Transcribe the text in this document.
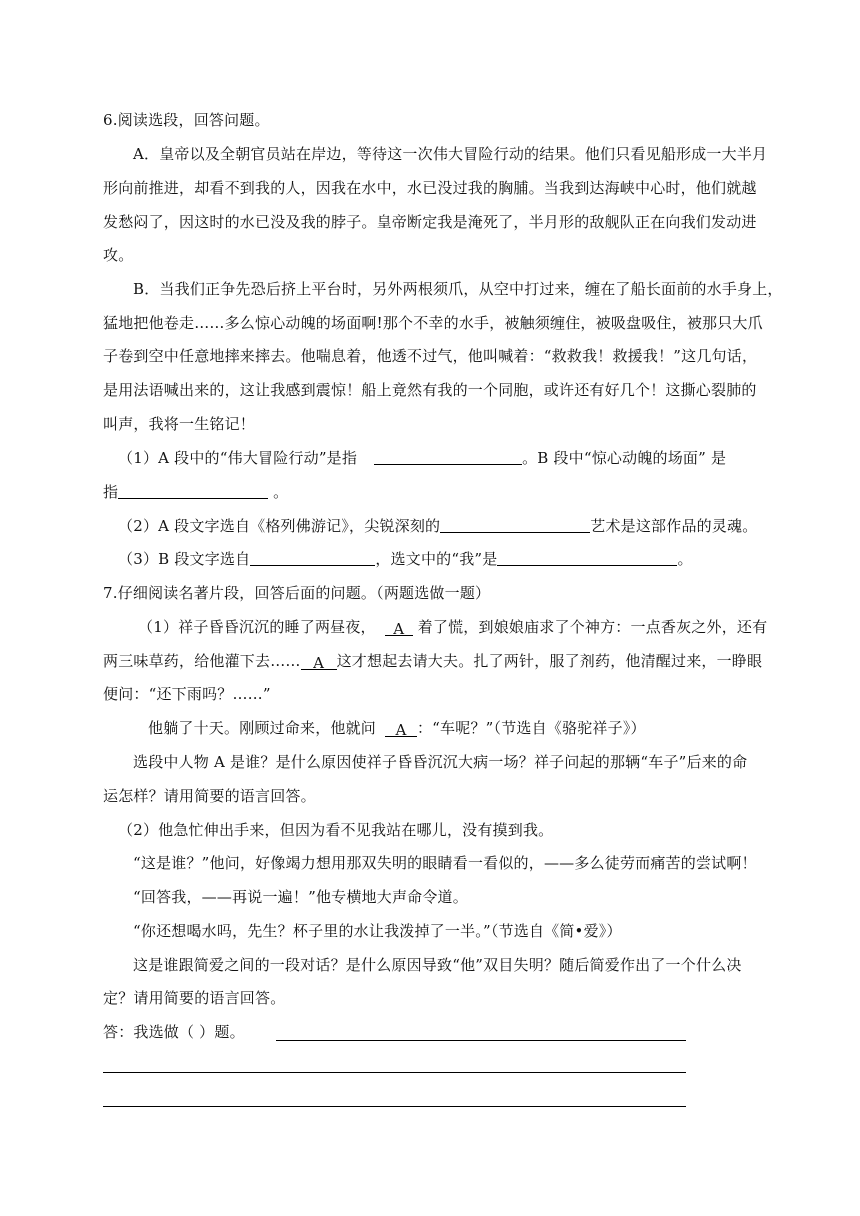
6.阅读选段，回答问题。
A．皇帝以及全朝官员站在岸边，等待这一次伟大冒险行动的结果。他们只看见船形成一大半月
形向前推进，却看不到我的人，因我在水中，水已没过我的胸脯。当我到达海峡中心时，他们就越
发愁闷了，因这时的水已没及我的脖子。皇帝断定我是淹死了，半月形的敌舰队正在向我们发动进
攻。
B．当我们正争先恐后挤上平台时，另外两根须爪，从空中打过来，缠在了船长面前的水手身上，
猛地把他卷走……多么惊心动魄的场面啊!那个不幸的水手，被触须缠住，被吸盘吸住，被那只大爪
子卷到空中任意地摔来摔去。他喘息着，他透不过气，他叫喊着：“救救我！救援我！”这几句话，
是用法语喊出来的，这让我感到震惊！船上竟然有我的一个同胞，或许还有好几个！这撕心裂肺的
叫声，我将一生铭记！
（1）A 段中的“伟大冒险行动”是指	。B 段中“惊心动魄的场面” 是
指	。
（2）A 段文字选自《格列佛游记》，尖锐深刻的	艺术是这部作品的灵魂。
（3）B 段文字选自	，选文中的“我”是	。
7.仔细阅读名著片段，回答后面的问题。（两题选做一题）
（1）祥子昏昏沉沉的睡了两昼夜， A 着了慌，到娘娘庙求了个神方：一点香灰之外，还有
两三味草药，给他灌下去…… A 这才想起去请大夫。扎了两针，服了剂药，他清醒过来，一睁眼
便问：“还下雨吗？……”
他躺了十天。刚顾过命来，他就问 A ：“车呢？”（节选自《骆驼祥子》）
选段中人物 A 是谁？是什么原因使祥子昏昏沉沉大病一场？祥子问起的那辆“车子”后来的命
运怎样？请用简要的语言回答。
（2）他急忙伸出手来，但因为看不见我站在哪儿，没有摸到我。
“这是谁？”他问，好像竭力想用那双失明的眼睛看一看似的，——多么徒劳而痛苦的尝试啊！
“回答我，——再说一遍！”他专横地大声命令道。
“你还想喝水吗，先生？杯子里的水让我泼掉了一半。”（节选自《简•爱》）
这是谁跟简爱之间的一段对话？是什么原因导致“他”双目失明？随后简爱作出了一个什么决
定？请用简要的语言回答。
答：我选做（ ）题。
